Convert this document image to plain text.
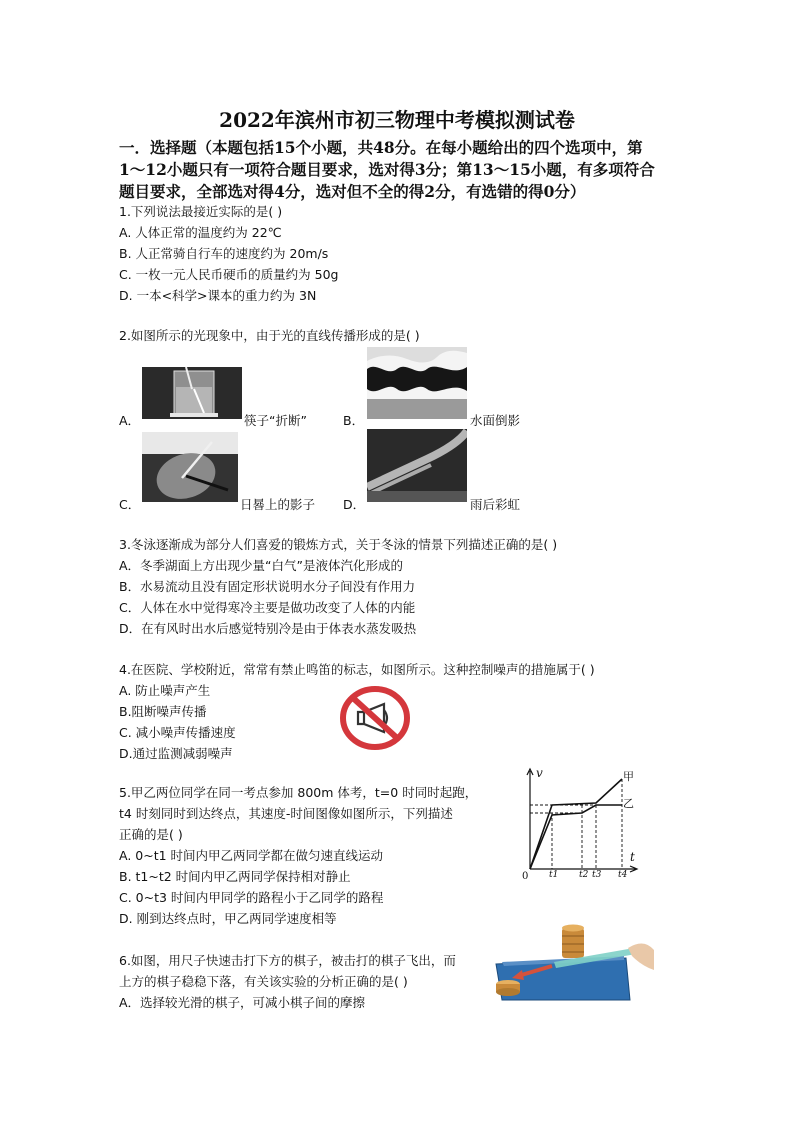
2022年滨州市初三物理中考模拟测试卷
一．选择题（本题包括15个小题，共48分。在每小题给出的四个选项中，第
1～12小题只有一项符合题目要求，选对得3分；第13～15小题，有多项符合
题目要求，全部选对得4分，选对但不全的得2分，有选错的得0分）
1.下列说法最接近实际的是( )
A. 人体正常的温度约为 22℃
B. 人正常骑自行车的速度约为 20m/s
C. 一枚一元人民币硬币的质量约为 50g
D. 一本<科学>课本的重力约为 3N
2.如图所示的光现象中，由于光的直线传播形成的是( )
A．	筷子“折断”	B．	水面倒影
C．	日晷上的影子 D．	雨后彩虹
3.冬泳逐渐成为部分人们喜爱的锻炼方式，关于冬泳的情景下列描述正确的是( )
A．冬季湖面上方出现少量“白气”是液体汽化形成的
B．水易流动且没有固定形状说明水分子间没有作用力
C．人体在水中觉得寒冷主要是做功改变了人体的内能
D．在有风时出水后感觉特别冷是由于体表水蒸发吸热
4.在医院、学校附近，常常有禁止鸣笛的标志，如图所示。这种控制噪声的措施属于( )
A. 防止噪声产生
B.阻断噪声传播
C. 减小噪声传播速度
D.通过监测减弱噪声
5.甲乙两位同学在同一考点参加 800m 体考，t=0 时同时起跑，
t4 时刻同时到达终点，其速度-时间图像如图所示，下列描述
正确的是( )
A. 0~t1 时间内甲乙两同学都在做匀速直线运动
B. t1~t2 时间内甲乙两同学保持相对静止
C. 0~t3 时间内甲同学的路程小于乙同学的路程
D. 刚到达终点时，甲乙两同学速度相等
v
t
0 t1 t2 t3 t4
甲
乙
6.如图，用尺子快速击打下方的棋子，被击打的棋子飞出，而
上方的棋子稳稳下落，有关该实验的分析正确的是( )
A．选择较光滑的棋子，可减小棋子间的摩擦
